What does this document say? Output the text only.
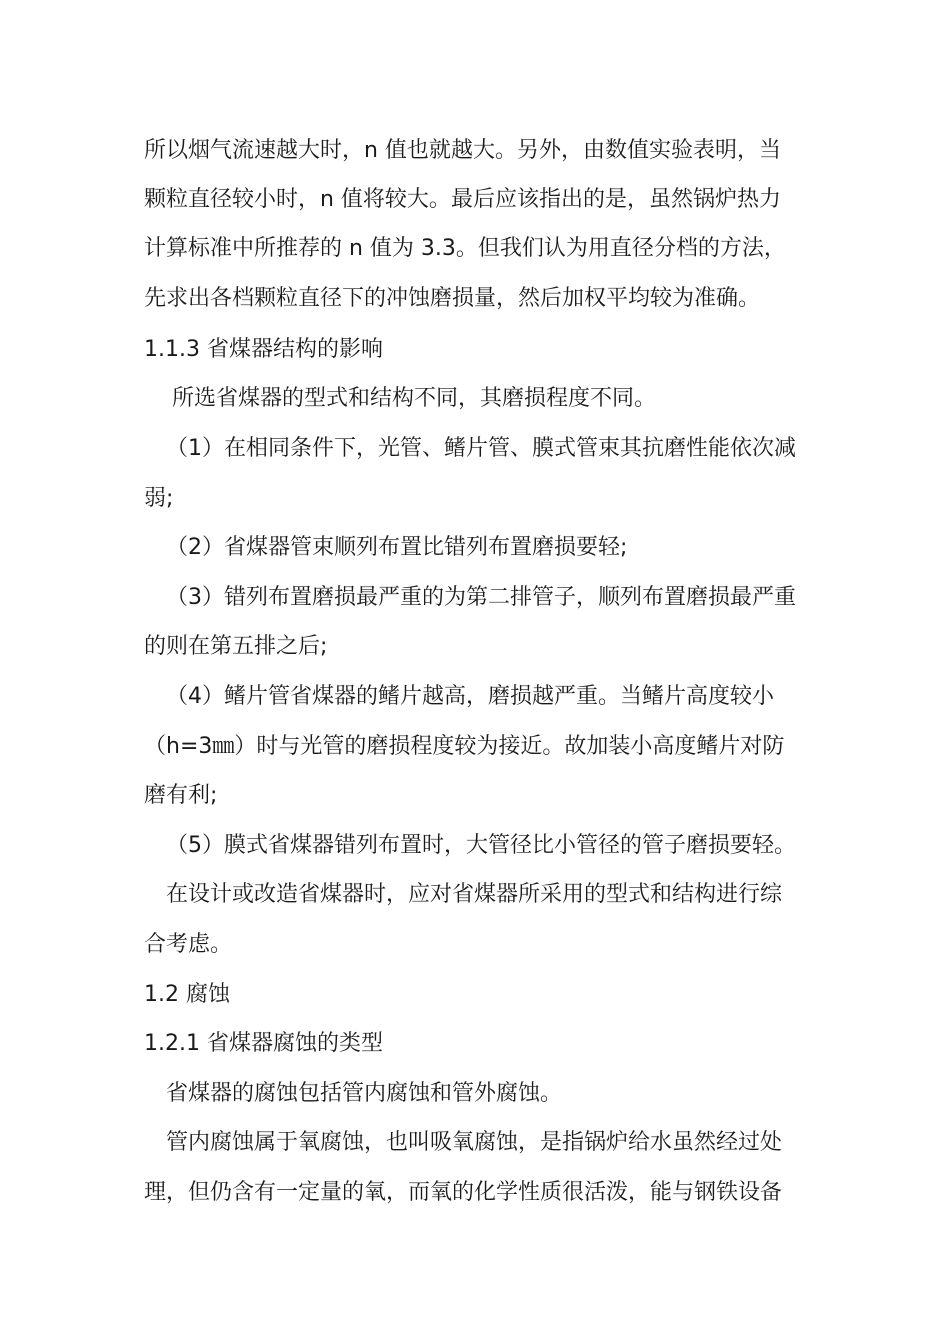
所以烟气流速越大时，n 值也就越大。另外，由数值实验表明，当

颗粒直径较小时，n 值将较大。最后应该指出的是，虽然锅炉热力

计算标准中所推荐的 n 值为 3.3。但我们认为用直径分档的方法，

先求出各档颗粒直径下的冲蚀磨损量，然后加权平均较为准确。

1.1.3 省煤器结构的影响

所选省煤器的型式和结构不同，其磨损程度不同。

（1）在相同条件下，光管、鳍片管、膜式管束其抗磨性能依次减

弱;

（2）省煤器管束顺列布置比错列布置磨损要轻;

（3）错列布置磨损最严重的为第二排管子，顺列布置磨损最严重

的则在第五排之后;

（4）鳍片管省煤器的鳍片越高，磨损越严重。当鳍片高度较小

（h=3㎜）时与光管的磨损程度较为接近。故加装小高度鳍片对防

磨有利;

（5）膜式省煤器错列布置时，大管径比小管径的管子磨损要轻。

在设计或改造省煤器时，应对省煤器所采用的型式和结构进行综

合考虑。

1.2 腐蚀

1.2.1 省煤器腐蚀的类型

省煤器的腐蚀包括管内腐蚀和管外腐蚀。

管内腐蚀属于氧腐蚀，也叫吸氧腐蚀，是指锅炉给水虽然经过处

理，但仍含有一定量的氧，而氧的化学性质很活泼，能与钢铁设备
